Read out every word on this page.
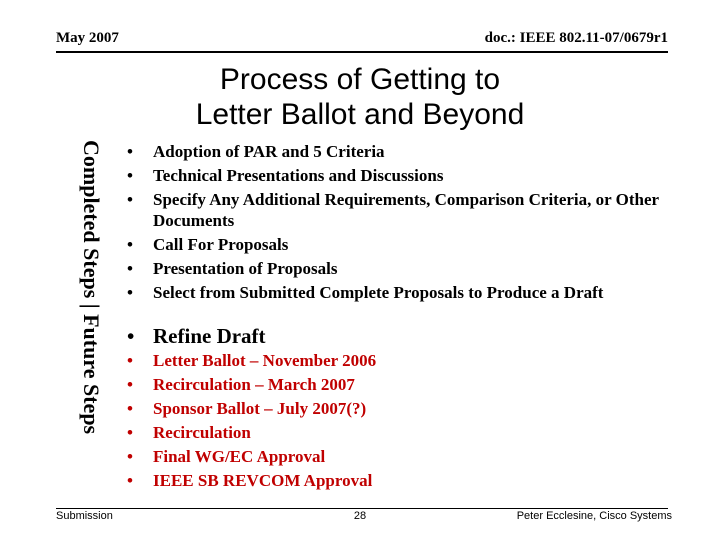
May 2007	doc.: IEEE 802.11-07/0679r1
Process of Getting to
Letter Ballot and Beyond
Completed Steps | Future Steps • Adoption of PAR and 5 Criteria
• Technical Presentations and Discussions
• Specify Any Additional Requirements, Comparison Criteria, or Other Documents
• Call For Proposals
• Presentation of Proposals
• Select from Submitted Complete Proposals to Produce a Draft
• Refine Draft
• Letter Ballot – November 2006
• Recirculation – March 2007
• Sponsor Ballot – July 2007(?)
• Recirculation
• Final WG/EC Approval
• IEEE SB REVCOM Approval
Submission	28	Peter Ecclesine, Cisco Systems
